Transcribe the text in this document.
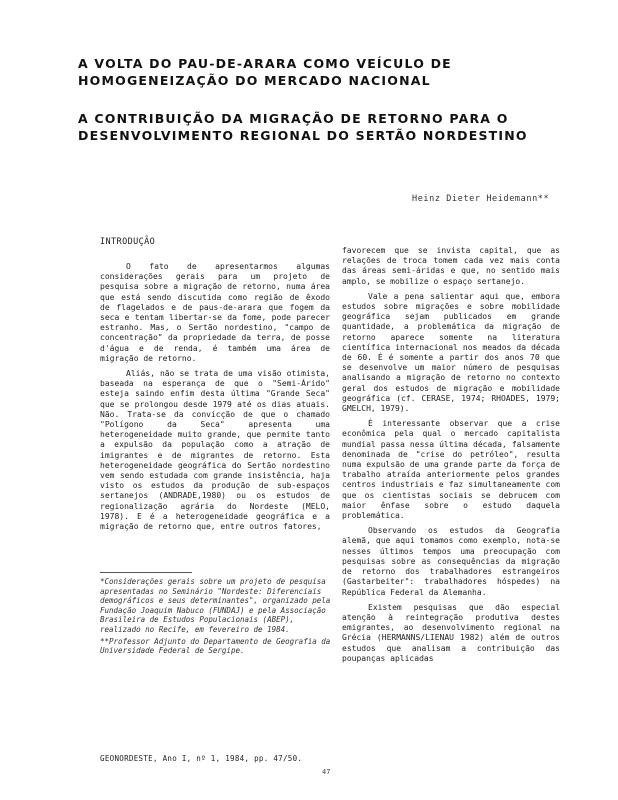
A VOLTA DO PAU-DE-ARARA COMO VEÍCULO DE HOMOGENEIZAÇÃO DO MERCADO NACIONAL
A CONTRIBUIÇÃO DA MIGRAÇÃO DE RETORNO PARA O DESENVOLVIMENTO REGIONAL DO SERTÃO NORDESTINO
Heinz Dieter Heidemann**
INTRODUÇÃO

O fato de apresentarmos algumas considerações gerais para um projeto de pesquisa sobre a migração de retorno, numa área que está sendo discutida como região de êxodo de flagelados e de paus-de-arara que fogem da seca e tentam libertar-se da fome, pode parecer estranho. Mas, o Sertão nordestino, "campo de concentração" da propriedade da terra, de posse d'água e de renda, é também uma área de migração de retorno.

Aliás, não se trata de uma visão otimista, baseada na esperança de que o "Semi-Árido" esteja saindo enfim desta última "Grande Seca" que se prolongou desde 1979 até os dias atuais. Não. Trata-se da convicção de que o chamado "Polígono da Seca" apresenta uma heterogeneidade muito grande, que permite tanto a expulsão da população como a atração de imigrantes e de migrantes de retorno. Esta heterogeneidade geográfica do Sertão nordestino vem sendo estudada com grande insistência, haja visto os estudos da produção de sub-espaços sertanejos (ANDRADE,1980) ou os estudos de regionalização agrária do Nordeste (MELO, 1978). E é a heterogeneidade geográfica e a migração de retorno que, entre outros fatores,

favorecem que se invista capital, que as relações de troca tomem cada vez mais conta das áreas semi-áridas e que, no sentido mais amplo, se mobilize o espaço sertanejo.

Vale a pena salientar aqui que, embora estudos sobre migrações e sobre mobilidade geográfica sejam publicados em grande quantidade, a problemática da migração de retorno aparece somente na literatura científica internacional nos meados da década de 60. É é somente a partir dos anos 70 que se desenvolve um maior número de pesquisas analisando a migração de retorno no contexto geral dos estudos de migração e mobilidade geográfica (cf. CERASE, 1974; RHOADES, 1979; GMELCH, 1979).

É interessante observar que a crise econômica pela qual o mercado capitalista mundial passa nessa última década, falsamente denominada de "crise do petróleo", resulta numa expulsão de uma grande parte da força de trabalho atraída anteriormente pelos grandes centros industriais e faz simultaneamente com que os cientistas sociais se debrucem com maior ênfase sobre o estudo daquela problemática.

Observando os estudos da Geografia alemã, que aqui tomamos como exemplo, nota-se nesses últimos tempos uma preocupação com pesquisas sobre as consequências da migração de retorno dos trabalhadores estrangeiros (Gastarbeiter": trabalhadores hóspedes) na República Federal da Alemanha.

Existem pesquisas que dão especial atenção à reintegração produtiva destes emigrantes, ao desenvolvimento regional na Grécia (HERMANNS/LIENAU 1982) além de outros estudos que analisam a contribuição das poupanças aplicadas

*Considerações gerais sobre um projeto de pesquisa apresentadas no Seminário "Nordeste: Diferenciais demográficos e seus determinantes", organizado pela Fundação Joaquim Nabuco (FUNDAJ) e pela Associação Brasileira de Estudos Populacionais (ABEP), realizado no Recife, em fevereiro de 1984.
**Professor Adjunto do Departamento de Geografia da Universidade Federal de Sergipe.
GEONORDESTE, Ano I, nº 1, 1984, pp. 47/50.
47
